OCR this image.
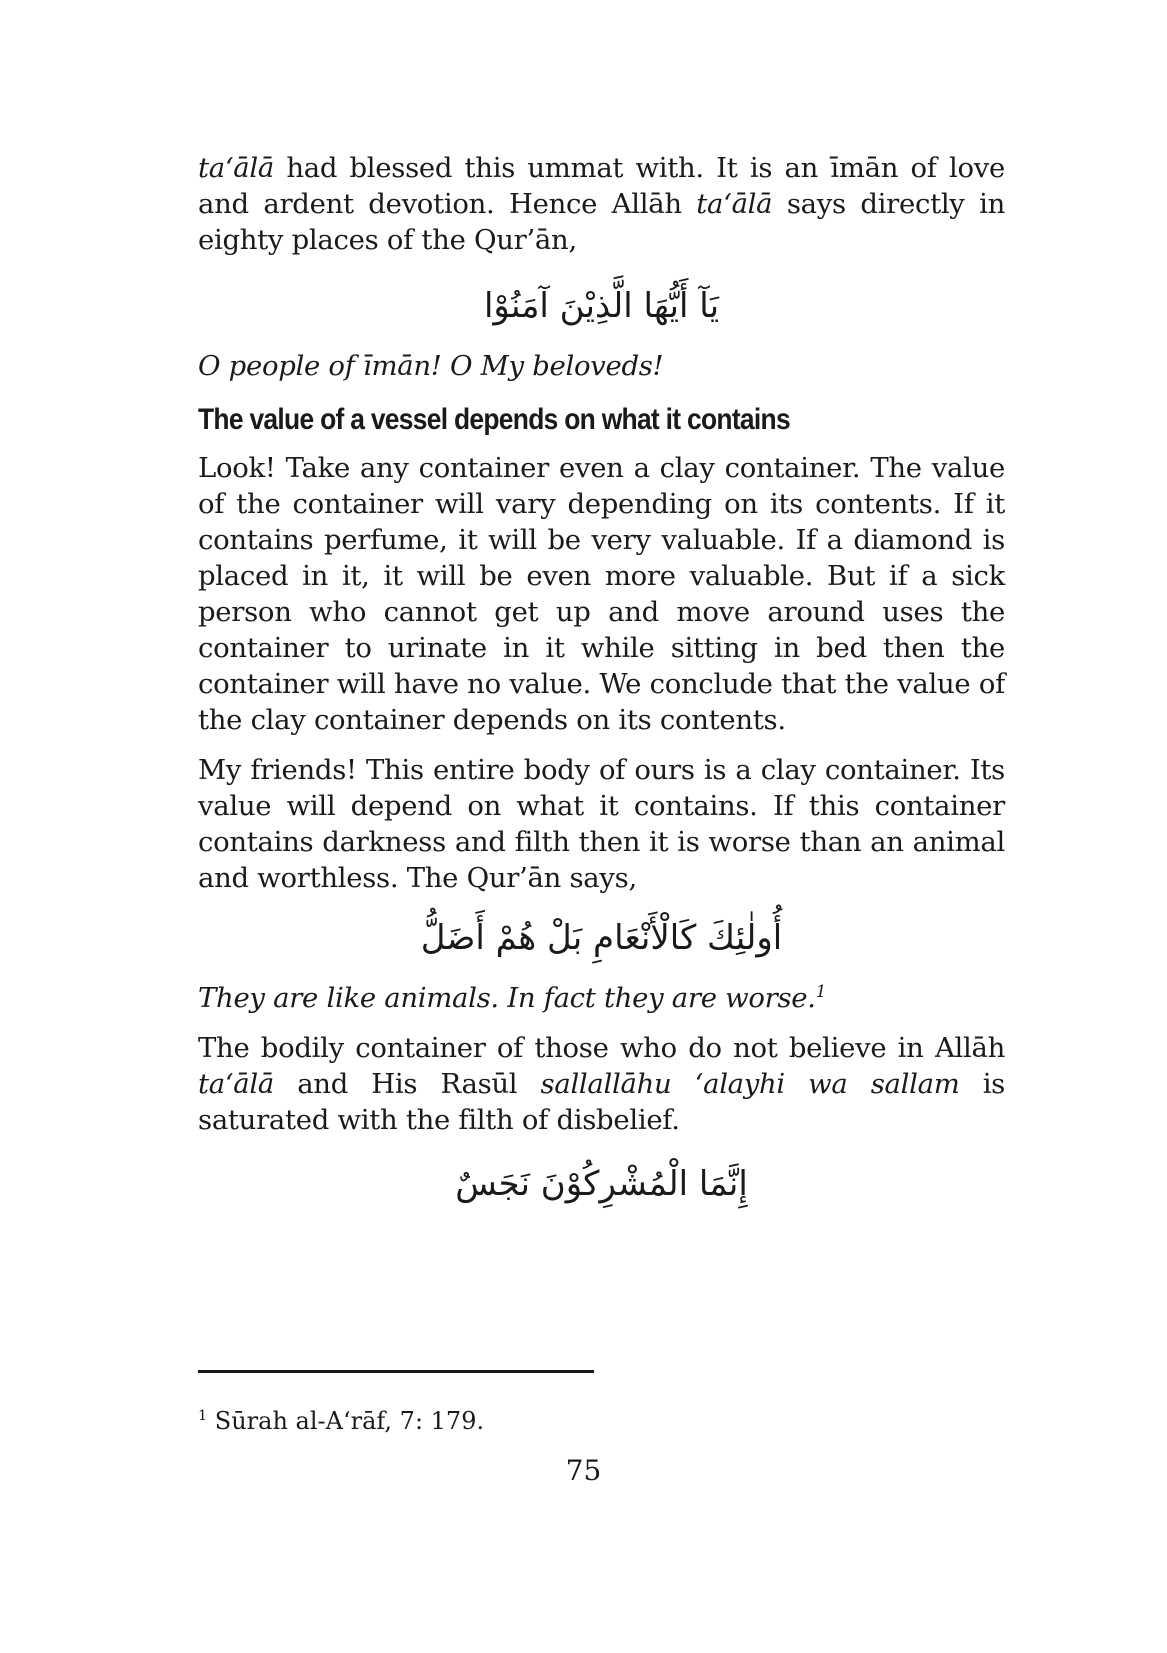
ta‘ālā had blessed this ummat with. It is an īmān of love and ardent devotion. Hence Allāh ta‘ālā says directly in eighty places of the Qur’ān,

يَآ أَيُّهَا الَّذِيْنَ آمَنُوْا

O people of īmān! O My beloveds!

The value of a vessel depends on what it contains

Look! Take any container even a clay container. The value of the container will vary depending on its contents. If it contains perfume, it will be very valuable. If a diamond is placed in it, it will be even more valuable. But if a sick person who cannot get up and move around uses the container to urinate in it while sitting in bed then the container will have no value. We conclude that the value of the clay container depends on its contents.

My friends! This entire body of ours is a clay container. Its value will depend on what it contains. If this container contains darkness and filth then it is worse than an animal and worthless. The Qur’ān says,

أُولٰئِكَ كَالْأَنْعَامِ بَلْ هُمْ أَضَلُّ

They are like animals. In fact they are worse.$^1$

The bodily container of those who do not believe in Allāh ta‘ālā and His Rasūl sallallāhu ‘alayhi wa sallam is saturated with the filth of disbelief.

إِنَّمَا الْمُشْرِكُوْنَ نَجَسٌ
$^1$ Sūrah al-A‘rāf, 7: 179.
75
